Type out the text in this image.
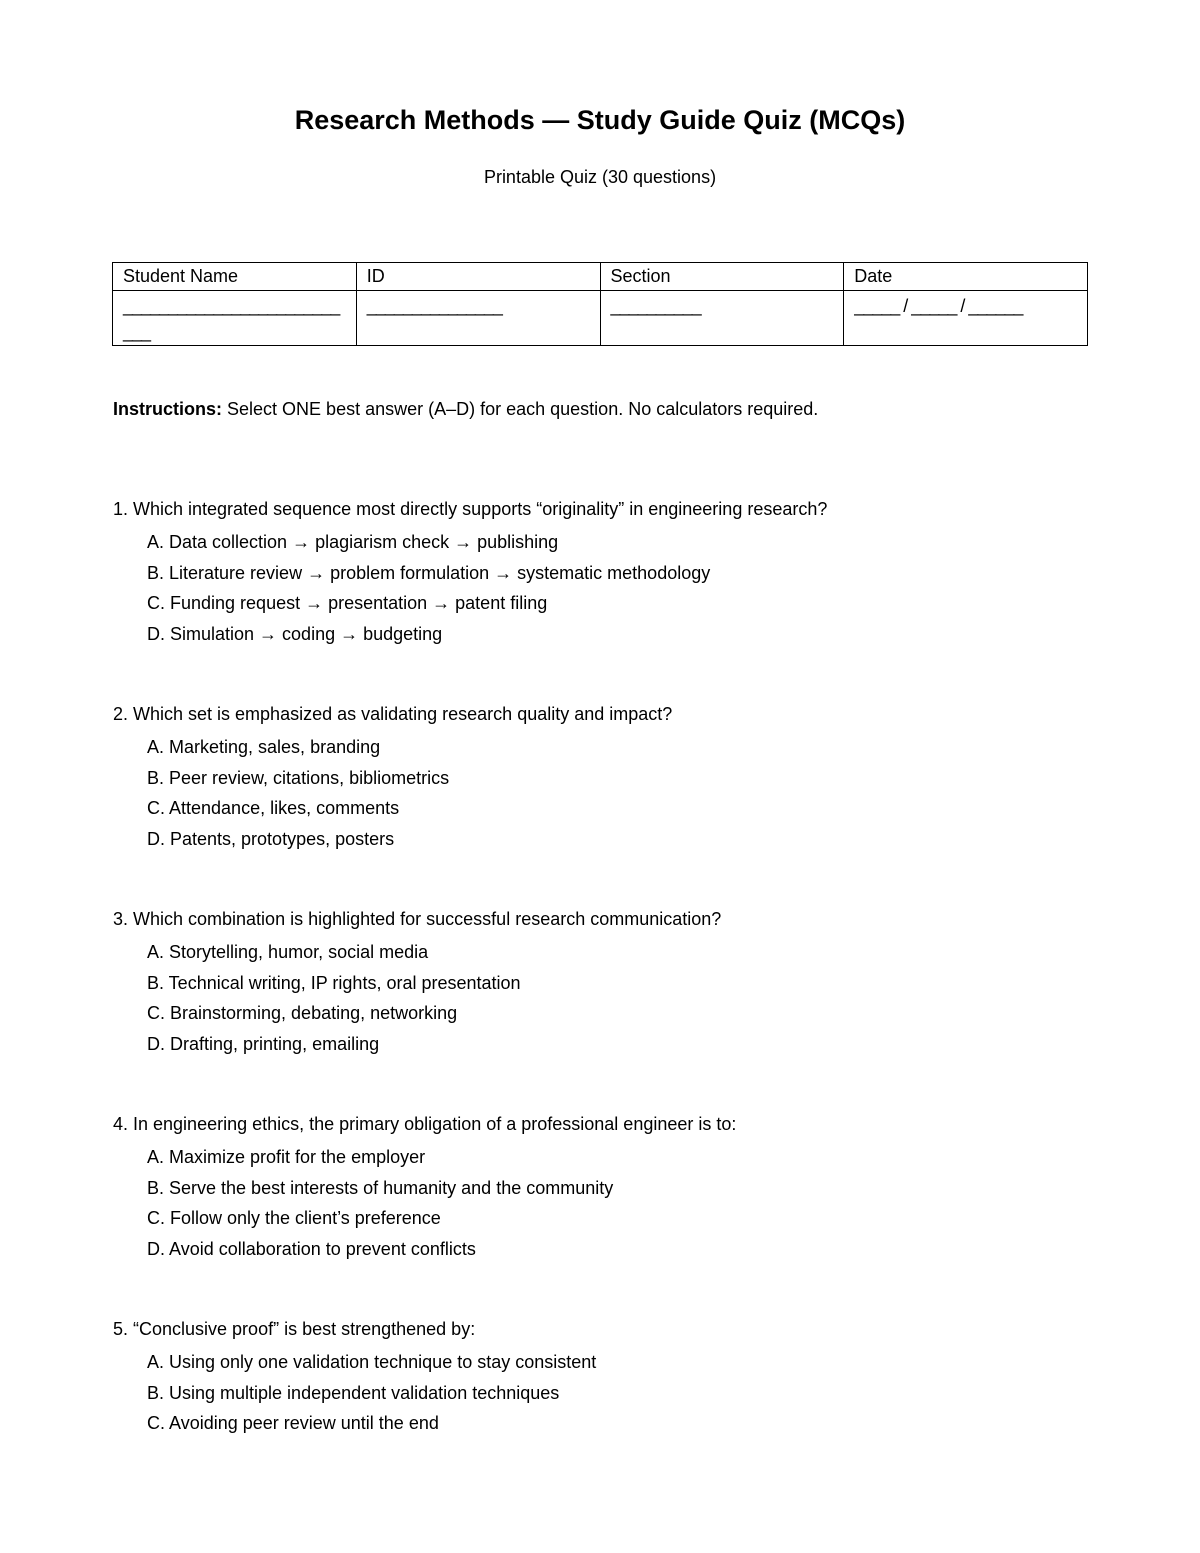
Research Methods — Study Guide Quiz (MCQs)
Printable Quiz (30 questions)
Student Name	ID	Section	Date

___________________________	_______________	__________	_____ / _____ / ______
Instructions: Select ONE best answer (A–D) for each question. No calculators required.

1. Which integrated sequence most directly supports “originality” in engineering research?

A. Data collection → plagiarism check → publishing
B. Literature review → problem formulation → systematic methodology
C. Funding request → presentation → patent filing
D. Simulation → coding → budgeting

2. Which set is emphasized as validating research quality and impact?

A. Marketing, sales, branding
B. Peer review, citations, bibliometrics
C. Attendance, likes, comments
D. Patents, prototypes, posters

3. Which combination is highlighted for successful research communication?

A. Storytelling, humor, social media
B. Technical writing, IP rights, oral presentation
C. Brainstorming, debating, networking
D. Drafting, printing, emailing

4. In engineering ethics, the primary obligation of a professional engineer is to:

A. Maximize profit for the employer
B. Serve the best interests of humanity and the community
C. Follow only the client’s preference
D. Avoid collaboration to prevent conflicts

5. “Conclusive proof” is best strengthened by:

A. Using only one validation technique to stay consistent
B. Using multiple independent validation techniques
C. Avoiding peer review until the end
